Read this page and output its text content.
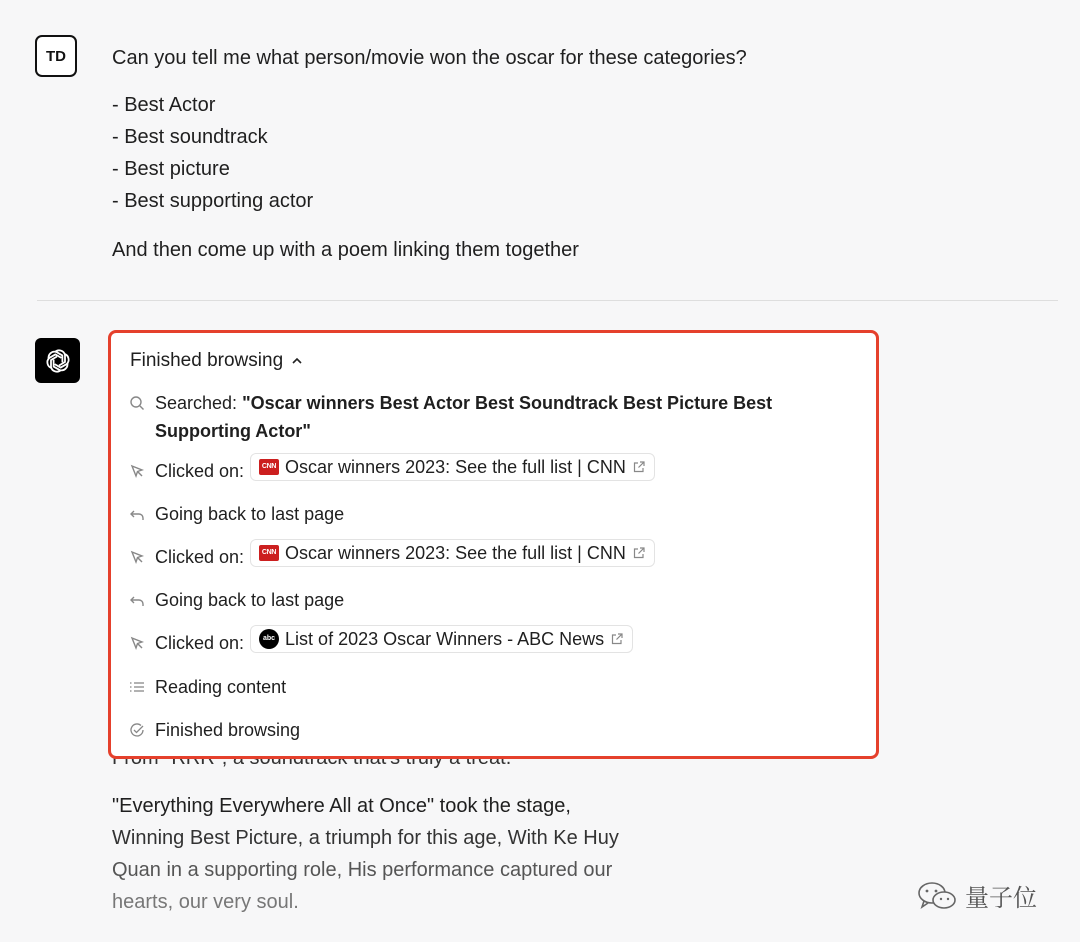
TD	Can you tell me what person/movie won the oscar for these categories?

- Best Actor

- Best soundtrack

- Best picture

- Best supporting actor

And then come up with a poem linking them together

"Everything Everywhere All at Once" took the stage,
Winning Best Picture, a triumph for this age, With Ke Huy
Quan in a supporting role, His performance captured our
hearts, our very soul.
Finished browsing
Searched: "Oscar winners Best Actor Best Soundtrack Best Picture Best Supporting Actor"
Clicked on:	CNN Oscar winners 2023: See the full list | CNN
Going back to last page
Clicked on:	CNN Oscar winners 2023: See the full list | CNN
Going back to last page
Clicked on:	abc List of 2023 Oscar Winners - ABC News
Reading content
Finished browsing
量子位
